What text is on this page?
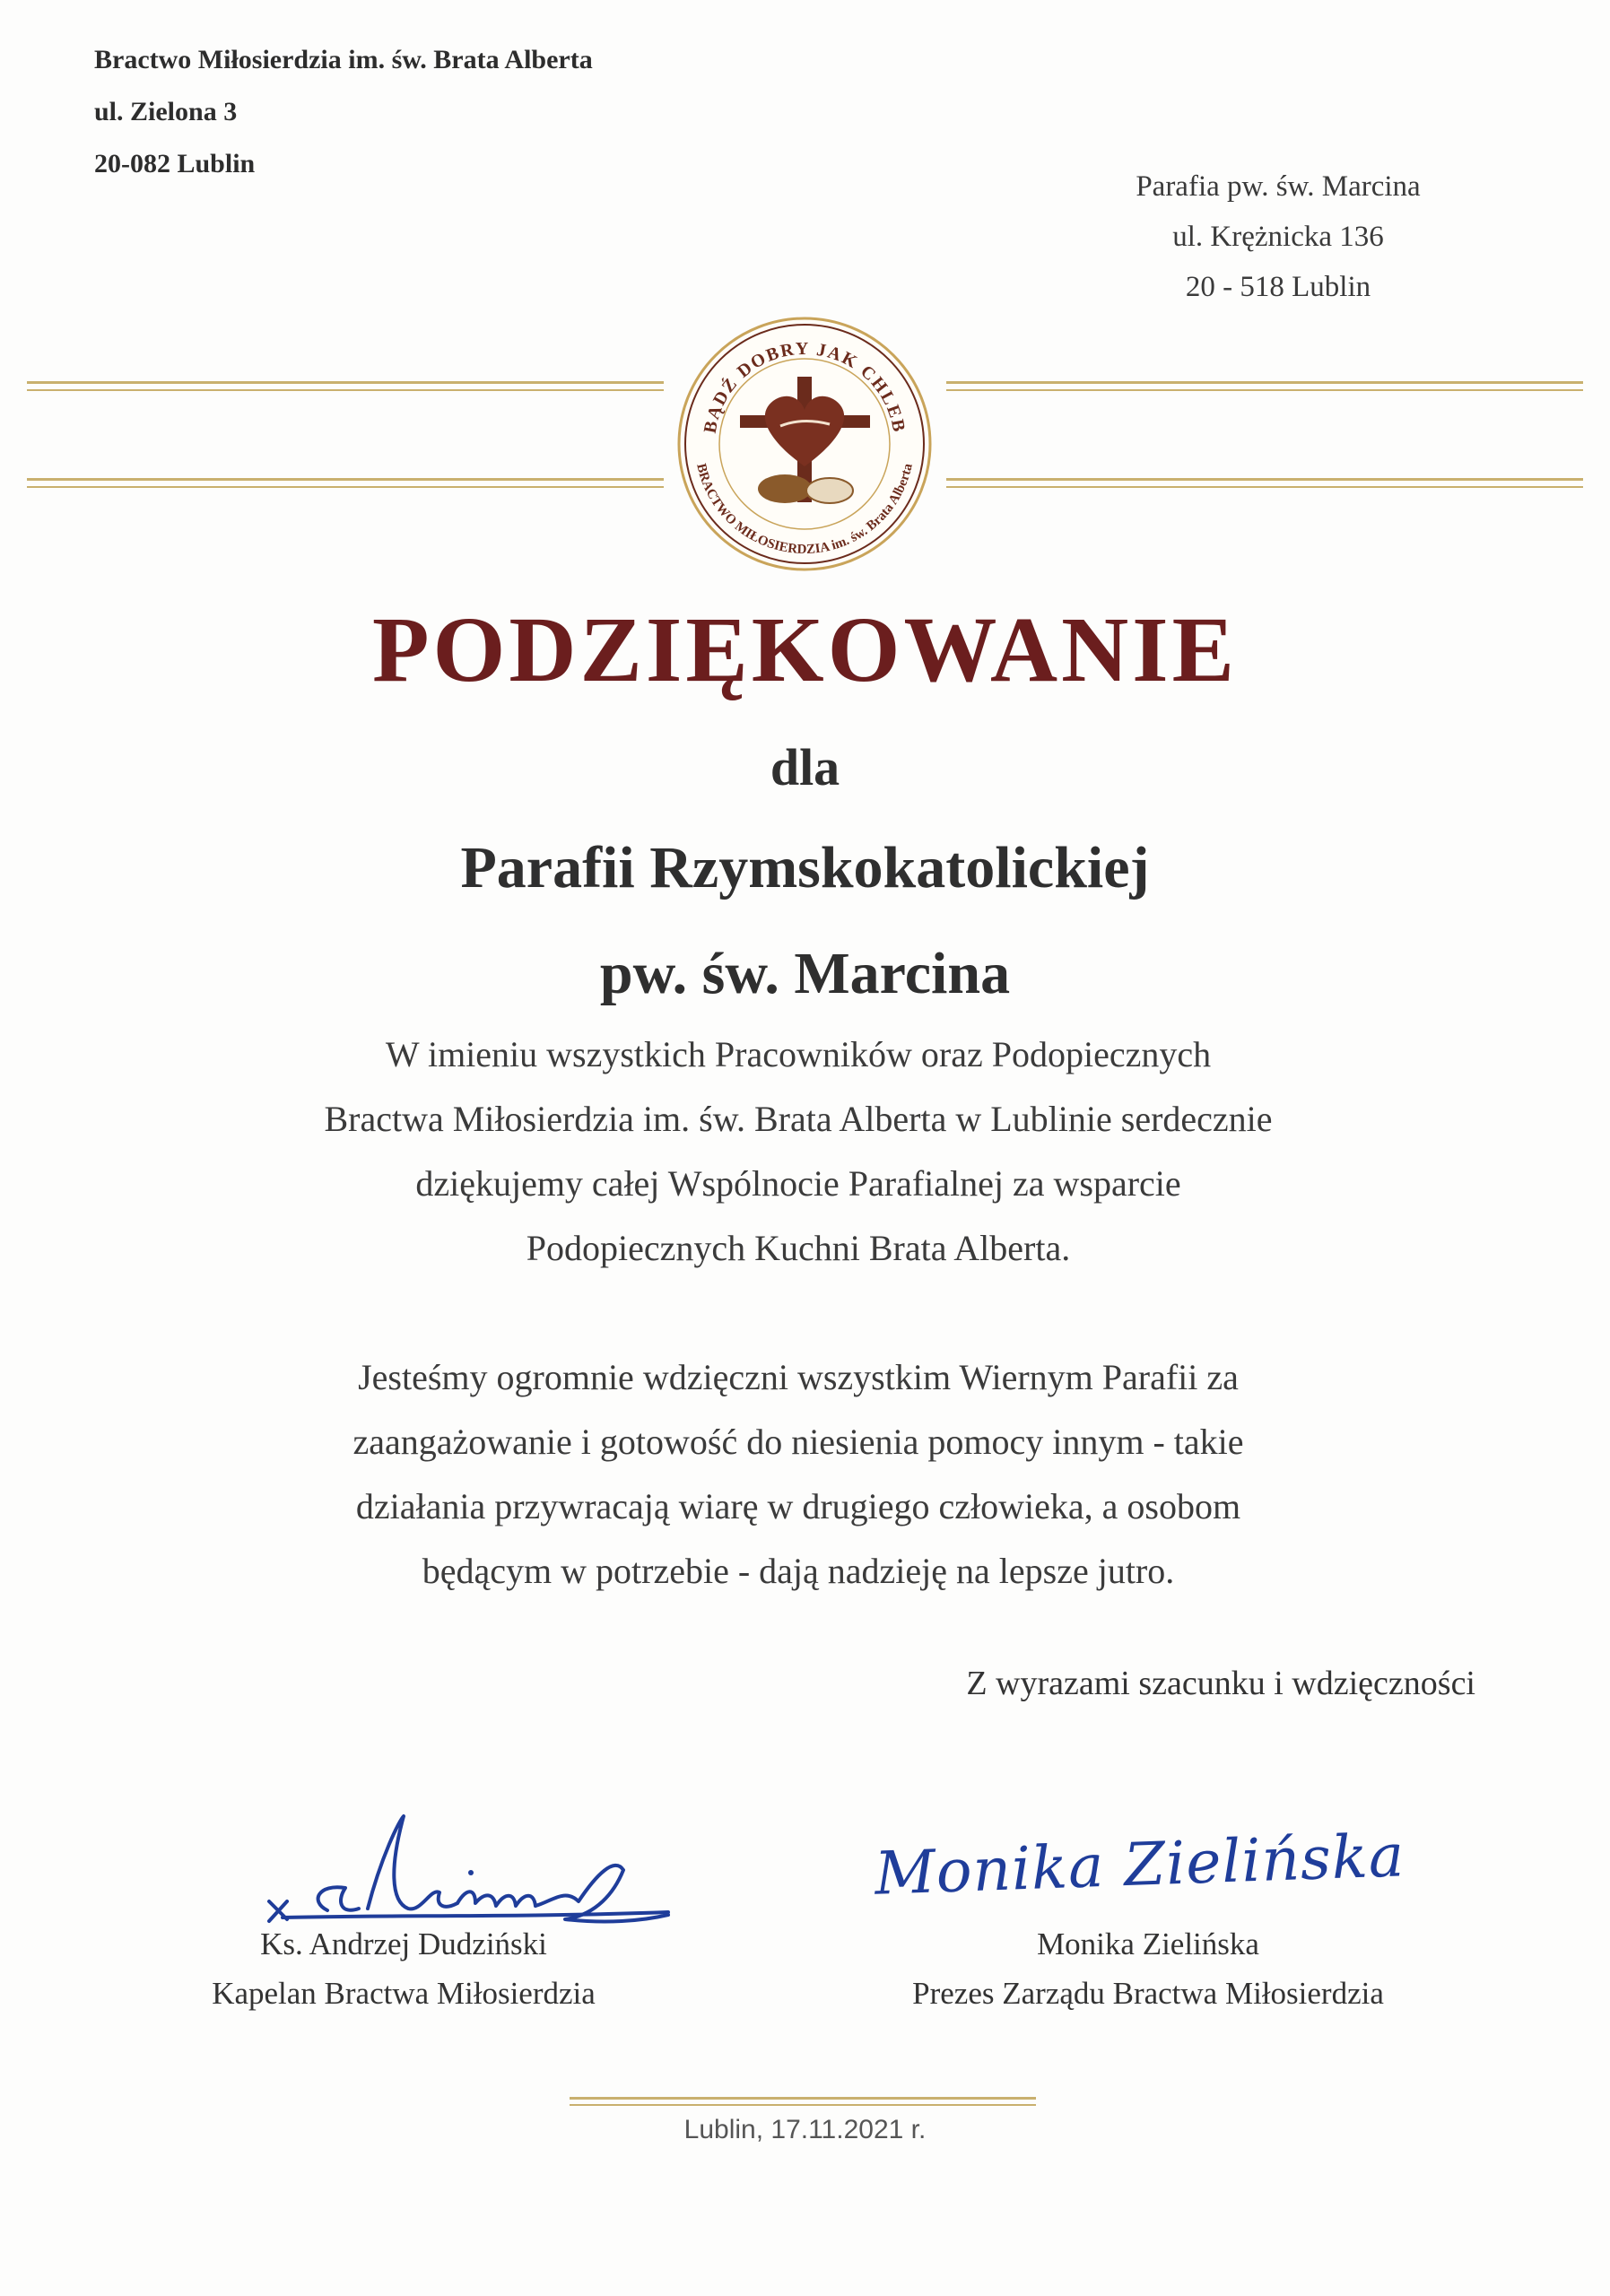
Bractwo Miłosierdzia im. św. Brata Alberta
ul. Zielona 3
20-082 Lublin
Parafia pw. św. Marcina
ul. Krężnicka 136
20 - 518 Lublin
BĄDŹ DOBRY JAK CHLEB
BRACTWO MIŁOSIERDZIA im. św. Brata Alberta
PODZIĘKOWANIE
dla
Parafii Rzymskokatolickiej
pw. św. Marcina
W imieniu wszystkich Pracowników oraz Podopiecznych
Bractwa Miłosierdzia im. św. Brata Alberta w Lublinie serdecznie
dziękujemy całej Wspólnocie Parafialnej za wsparcie
Podopiecznych Kuchni Brata Alberta.
Jesteśmy ogromnie wdzięczni wszystkim Wiernym Parafii za
zaangażowanie i gotowość do niesienia pomocy innym - takie
działania przywracają wiarę w drugiego człowieka, a osobom
będącym w potrzebie - dają nadzieję na lepsze jutro.
Z wyrazami szacunku i wdzięczności
Monika Zielińska
Ks. Andrzej Dudziński
Kapelan Bractwa Miłosierdzia
Monika Zielińska
Prezes Zarządu Bractwa Miłosierdzia
Lublin, 17.11.2021 r.
